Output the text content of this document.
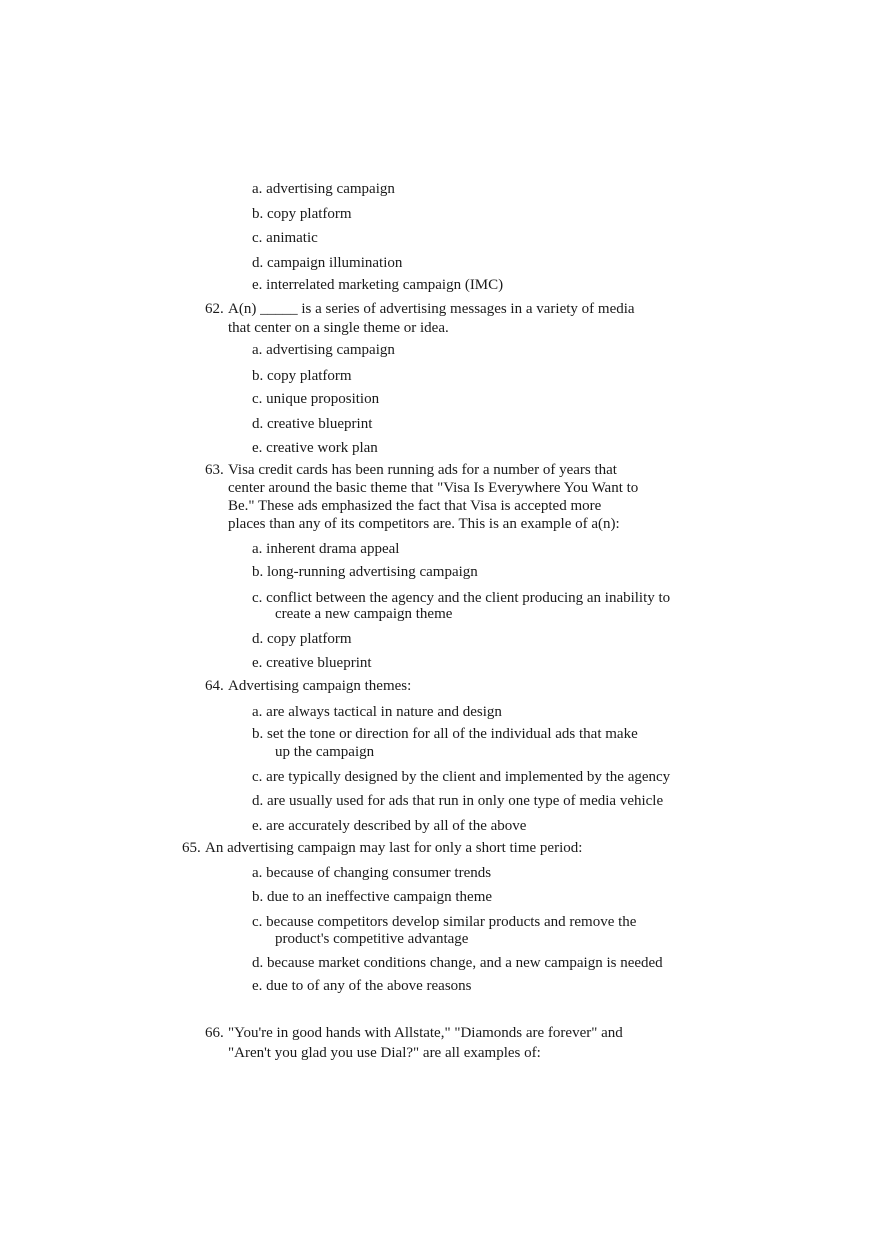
a. advertising campaign
b. copy platform
c. animatic
d. campaign illumination
e. interrelated marketing campaign (IMC)
62. A(n) _____ is a series of advertising messages in a variety of media
that center on a single theme or idea.
a. advertising campaign
b. copy platform
c. unique proposition
d. creative blueprint
e. creative work plan
63. Visa credit cards has been running ads for a number of years that
center around the basic theme that "Visa Is Everywhere You Want to
Be." These ads emphasized the fact that Visa is accepted more
places than any of its competitors are. This is an example of a(n):
a. inherent drama appeal
b. long-running advertising campaign
c. conflict between the agency and the client producing an inability to
create a new campaign theme
d. copy platform
e. creative blueprint
64. Advertising campaign themes:
a. are always tactical in nature and design
b. set the tone or direction for all of the individual ads that make
up the campaign
c. are typically designed by the client and implemented by the agency
d. are usually used for ads that run in only one type of media vehicle
e. are accurately described by all of the above
65. An advertising campaign may last for only a short time period:
a. because of changing consumer trends
b. due to an ineffective campaign theme
c. because competitors develop similar products and remove the
product's competitive advantage
d. because market conditions change, and a new campaign is needed
e. due to of any of the above reasons
66. "You're in good hands with Allstate," "Diamonds are forever" and
"Aren't you glad you use Dial?" are all examples of:
